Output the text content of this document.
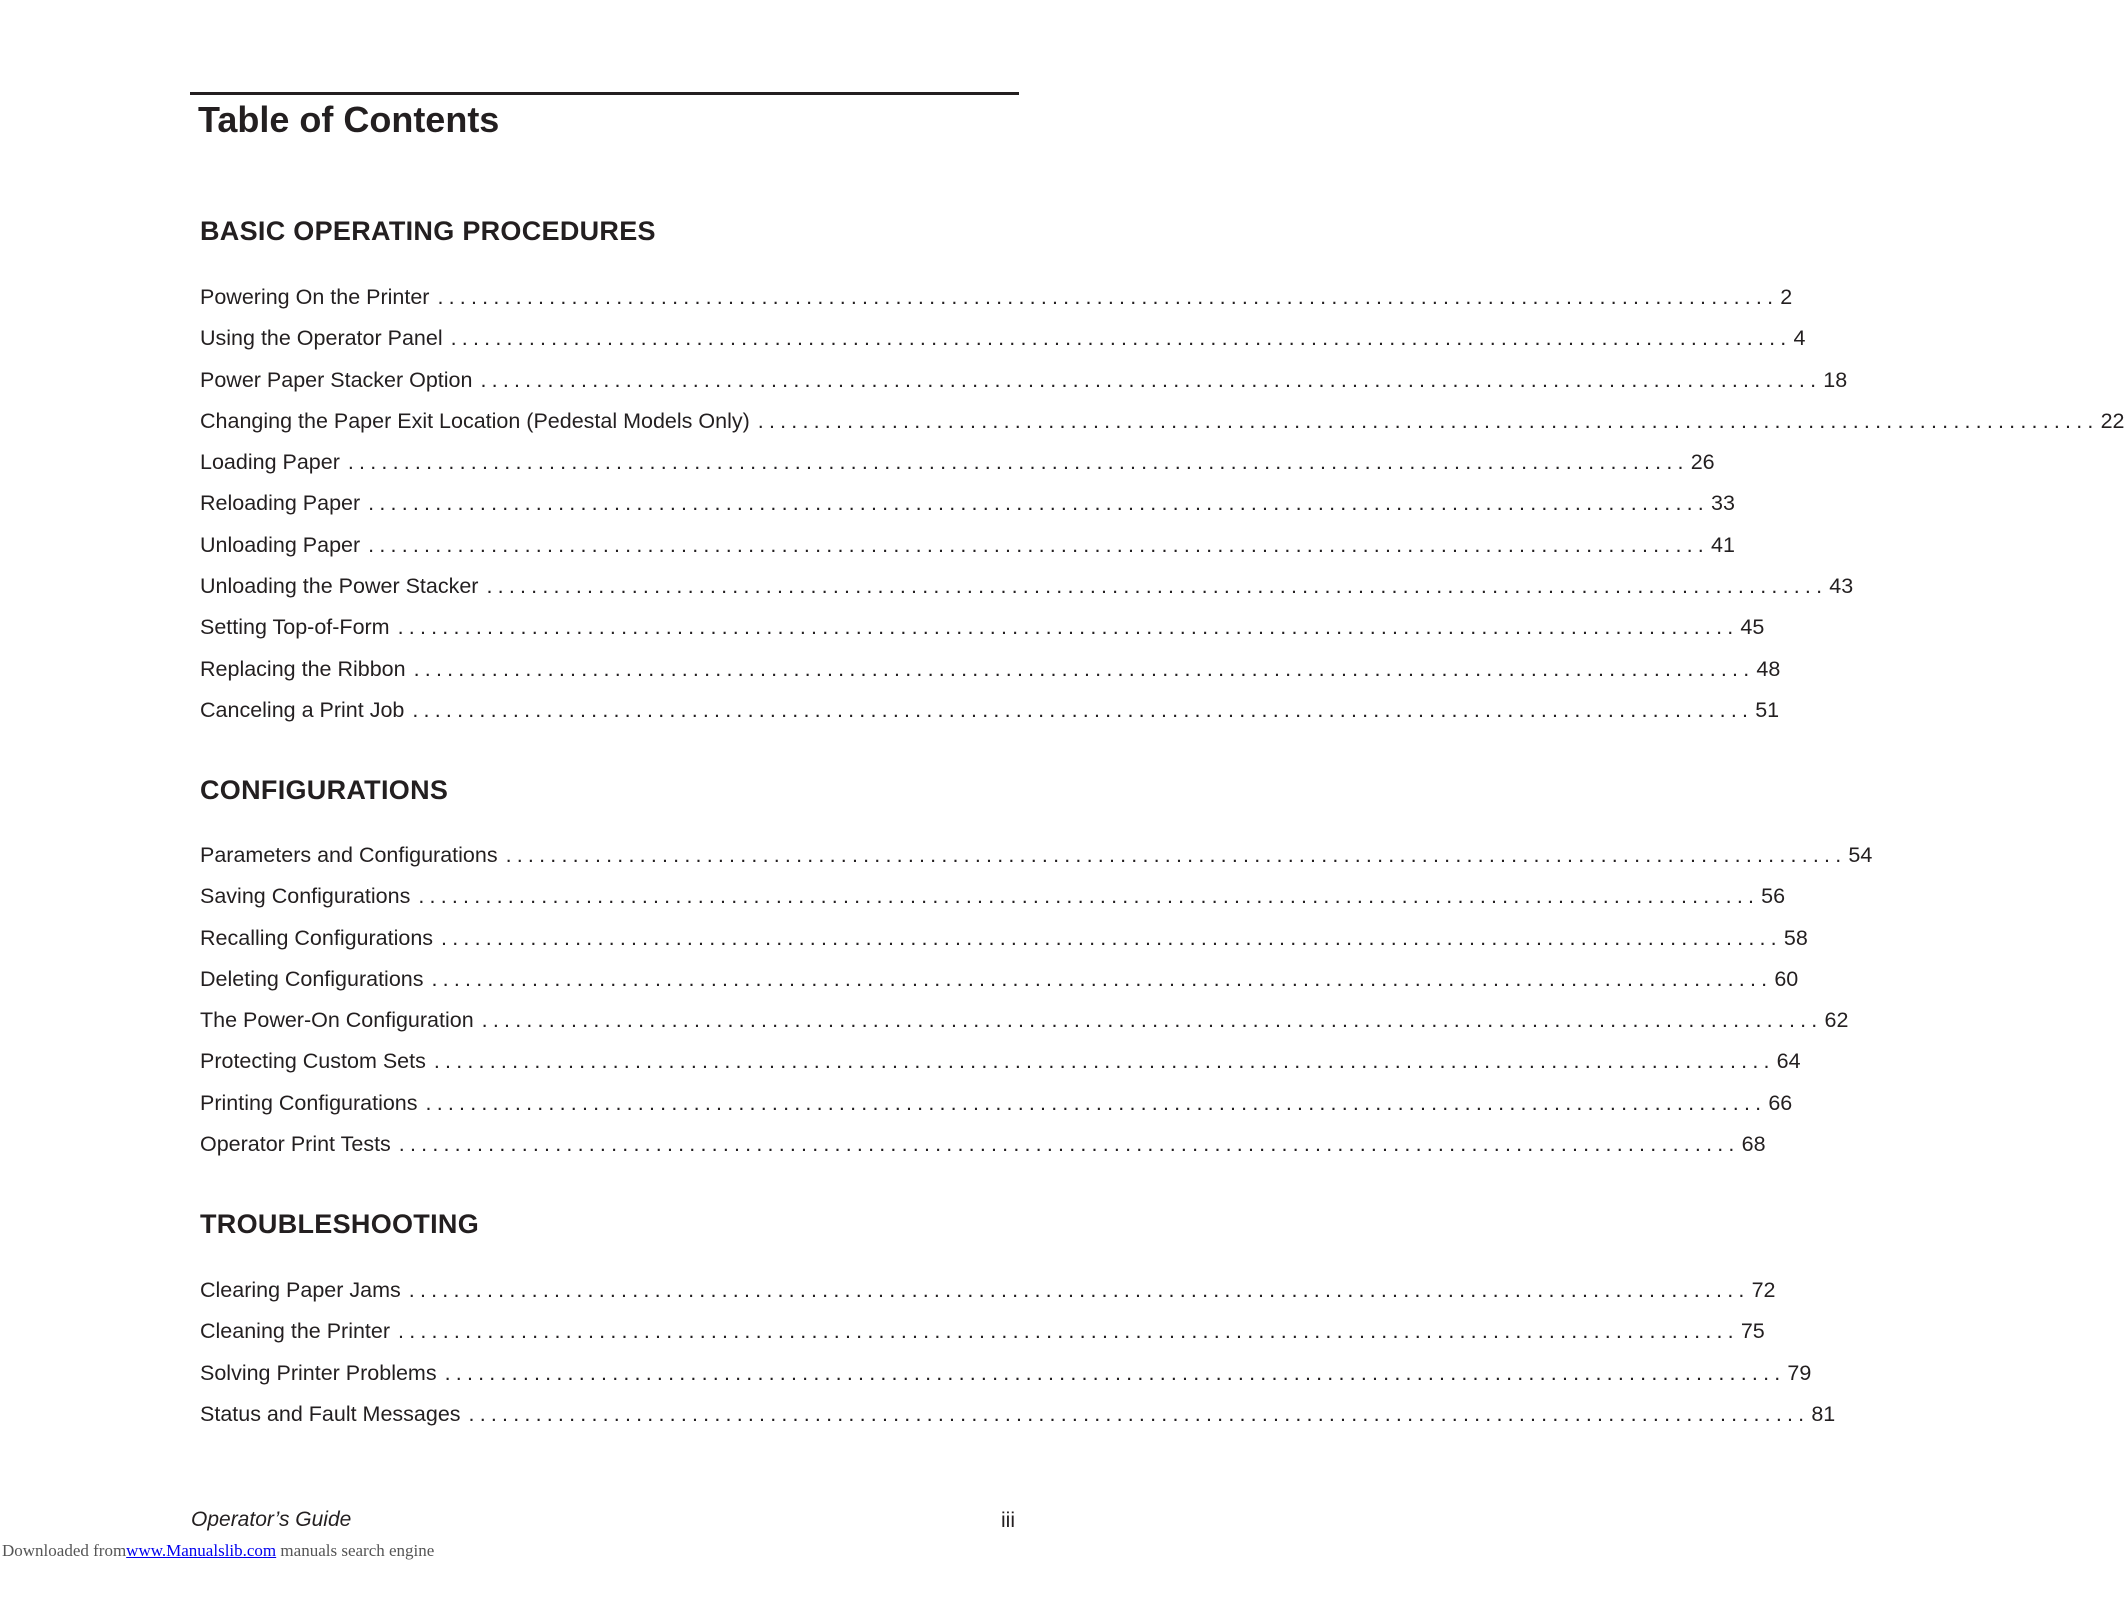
Table of Contents
BASIC OPERATING PROCEDURES
Powering On the Printer ........................................................................................................................ 2
Using the Operator Panel ........................................................................................................................ 4
Power Paper Stacker Option ........................................................................................................................ 18
Changing the Paper Exit Location (Pedestal Models Only) ........................................................................................................................ 22
Loading Paper ........................................................................................................................ 26
Reloading Paper ........................................................................................................................ 33
Unloading Paper ........................................................................................................................ 41
Unloading the Power Stacker ........................................................................................................................ 43
Setting Top-of-Form ........................................................................................................................ 45
Replacing the Ribbon ........................................................................................................................ 48
Canceling a Print Job ........................................................................................................................ 51
CONFIGURATIONS
Parameters and Configurations ........................................................................................................................ 54
Saving Configurations ........................................................................................................................ 56
Recalling Configurations ........................................................................................................................ 58
Deleting Configurations ........................................................................................................................ 60
The Power-On Configuration ........................................................................................................................ 62
Protecting Custom Sets ........................................................................................................................ 64
Printing Configurations ........................................................................................................................ 66
Operator Print Tests ........................................................................................................................ 68
TROUBLESHOOTING
Clearing Paper Jams ........................................................................................................................ 72
Cleaning the Printer ........................................................................................................................ 75
Solving Printer Problems ........................................................................................................................ 79
Status and Fault Messages ........................................................................................................................ 81
Operator’s Guide	iii
Downloaded fromwww.Manualslib.com manuals search engine
